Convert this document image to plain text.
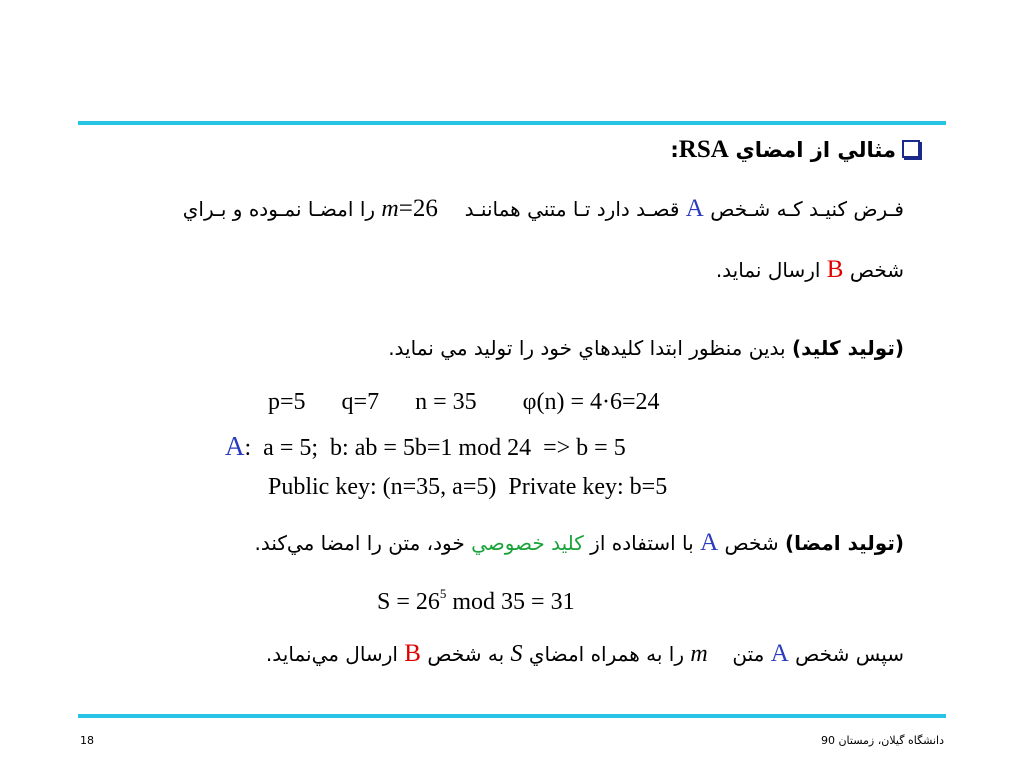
مثالي از امضاي RSA:
فـرض كنيـد كـه شـخص A قصـد دارد تـا متني هماننـد  m=26 را امضـا نمـوده و بـراي
شخص B ارسال نمايد.
(توليد كليد) بدين منظور ابتدا كليدهاي خود را توليد مي نمايد.
p=5      q=7      n = 35 φ(n) = 4·6=24
A:  a = 5;  b: ab = 5b=1 mod 24  => b = 5
Public key: (n=35, a=5)  Private key: b=5
(توليد امضا) شخص A با استفاده از كليد خصوصي خود، متن را امضا مي‌كند.
$S = 26^5$ mod 35 = 31
سپس شخص A متن  m را به همراه امضاي S به شخص B ارسال مي‌نمايد.
18	دانشگاه گيلان، زمستان 90
